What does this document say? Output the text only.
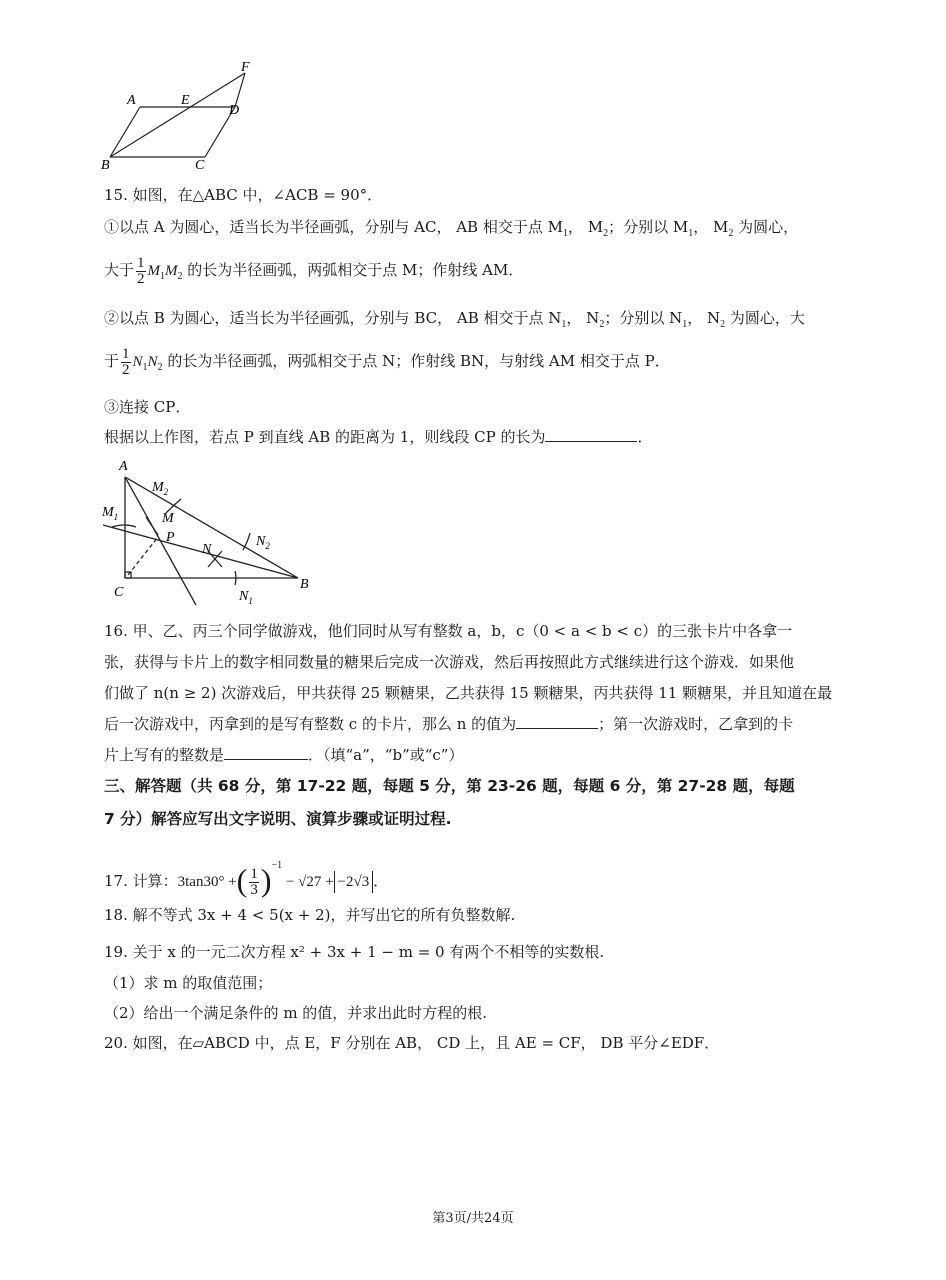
A	E
D
F
B	C
15. 如图，在△ABC 中，∠ACB = 90°．
①以点 A 为圆心，适当长为半径画弧，分别与 AC， AB 相交于点 $M_1$， $M_2$；分别以 $M_1$， $M_2$ 为圆心，
大于 $\frac{1}{2} M_1M_2$ 的长为半径画弧，两弧相交于点 M；作射线 AM．
②以点 B 为圆心，适当长为半径画弧，分别与 BC， AB 相交于点 $N_1$， $N_2$；分别以 $N_1$， $N_2$ 为圆心，大
于 $\frac{1}{2} N_1N_2$ 的长为半径画弧，两弧相交于点 N；作射线 BN，与射线 AM 相交于点 P．
③连接 CP．
根据以上作图，若点 P 到直线 AB 的距离为 1，则线段 CP 的长为	．
A
$M_2$
$M_1$	M
P
N
$N_2$
C	$N_1$
B
16. 甲、乙、丙三个同学做游戏，他们同时从写有整数 a，b，c（0 < a < b < c）的三张卡片中各拿一
张，获得与卡片上的数字相同数量的糖果后完成一次游戏，然后再按照此方式继续进行这个游戏．如果他
们做了 n(n ≥ 2) 次游戏后，甲共获得 25 颗糖果，乙共获得 15 颗糖果，丙共获得 11 颗糖果，并且知道在最
后一次游戏中，丙拿到的是写有整数 c 的卡片，那么 n 的值为	；第一次游戏时，乙拿到的卡
片上写有的整数是	．（填“a”，“b”或“c”）
三、解答题（共 68 分，第 17-22 题，每题 5 分，第 23-26 题，每题 6 分，第 27-28 题，每题
7 分）解答应写出文字说明、演算步骤或证明过程.
17. 计算：3tan30° +( $\frac{1}{3} )^{-1} - √27 + -2√3$ ．
18. 解不等式 3x + 4 < 5(x + 2)，并写出它的所有负整数解.
19. 关于 x 的一元二次方程 x² + 3x + 1 − m = 0 有两个不相等的实数根.
（1）求 m 的取值范围；
（2）给出一个满足条件的 m 的值，并求出此时方程的根.
20. 如图，在▱ABCD 中，点 E，F 分别在 AB， CD 上，且 AE = CF， DB 平分∠EDF．
第3页/共24页
